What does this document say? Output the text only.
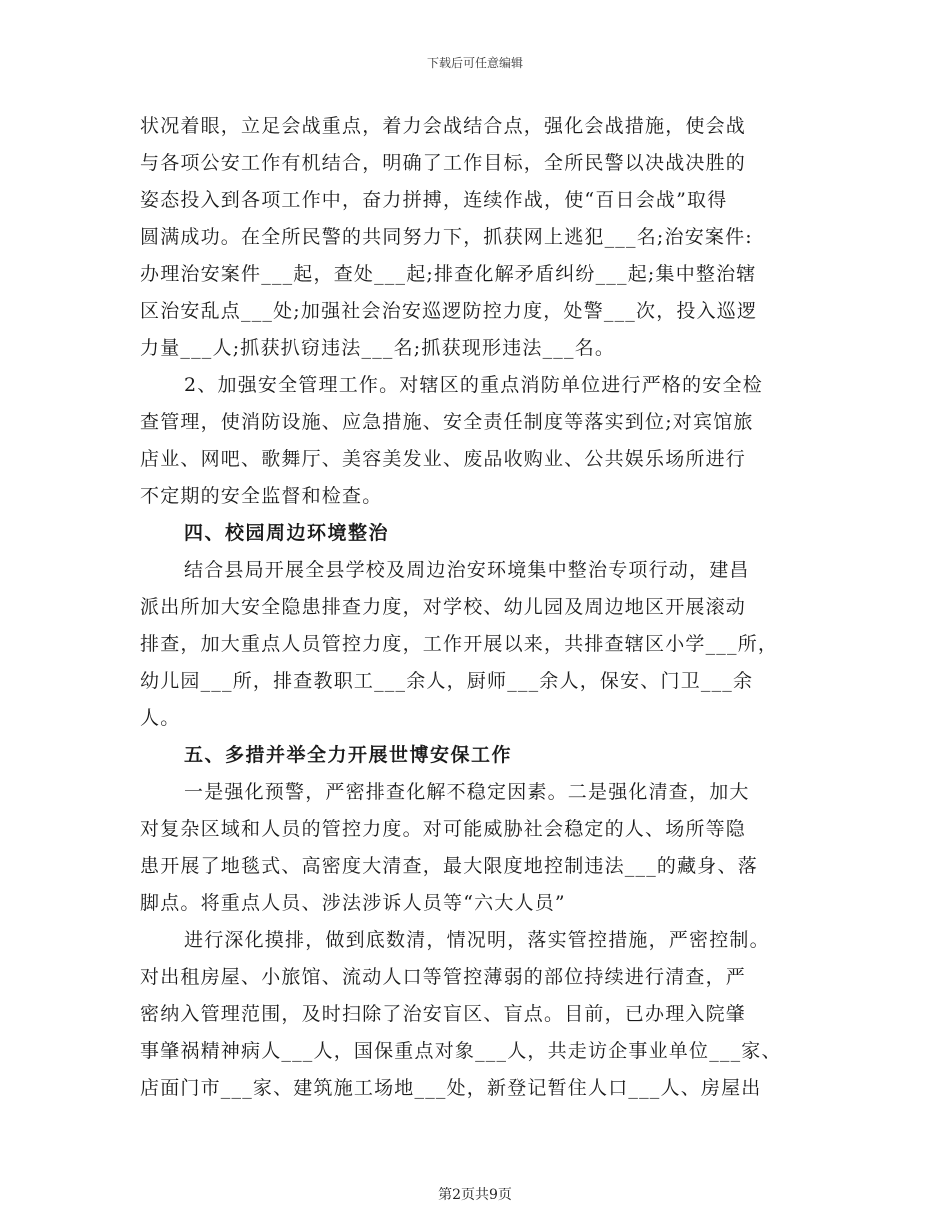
下载后可任意编辑
状况着眼，立足会战重点，着力会战结合点，强化会战措施，使会战
与各项公安工作有机结合，明确了工作目标，全所民警以决战决胜的
姿态投入到各项工作中，奋力拼搏，连续作战，使“百日会战”取得
圆满成功。在全所民警的共同努力下，抓获网上逃犯___名;治安案件:
办理治安案件___起，查处___起;排查化解矛盾纠纷___起;集中整治辖
区治安乱点___处;加强社会治安巡逻防控力度，处警___次，投入巡逻
力量___人;抓获扒窃违法___名;抓获现形违法___名。
2、加强安全管理工作。对辖区的重点消防单位进行严格的安全检
查管理，使消防设施、应急措施、安全责任制度等落实到位;对宾馆旅
店业、网吧、歌舞厅、美容美发业、废品收购业、公共娱乐场所进行
不定期的安全监督和检查。
四、校园周边环境整治
结合县局开展全县学校及周边治安环境集中整治专项行动，建昌
派出所加大安全隐患排查力度，对学校、幼儿园及周边地区开展滚动
排查，加大重点人员管控力度，工作开展以来，共排查辖区小学___所，
幼儿园___所，排查教职工___余人，厨师___余人，保安、门卫___余
人。
五、多措并举全力开展世博安保工作
一是强化预警，严密排查化解不稳定因素。二是强化清查，加大
对复杂区域和人员的管控力度。对可能威胁社会稳定的人、场所等隐
患开展了地毯式、高密度大清查，最大限度地控制违法___的藏身、落
脚点。将重点人员、涉法涉诉人员等“六大人员”
进行深化摸排，做到底数清，情况明，落实管控措施，严密控制。
对出租房屋、小旅馆、流动人口等管控薄弱的部位持续进行清查，严
密纳入管理范围，及时扫除了治安盲区、盲点。目前，已办理入院肇
事肇祸精神病人___人，国保重点对象___人，共走访企事业单位___家、
店面门市___家、建筑施工场地___处，新登记暂住人口___人、房屋出
第2页共9页
